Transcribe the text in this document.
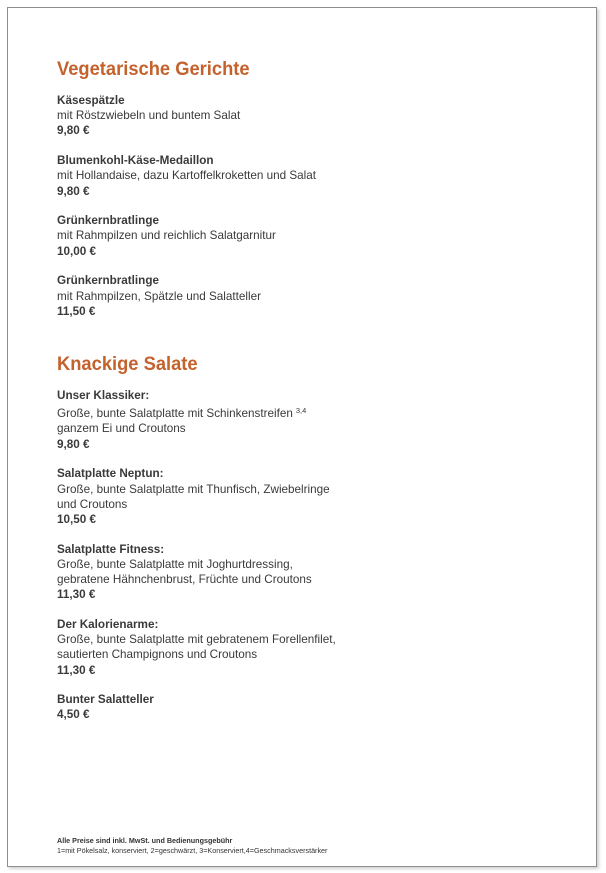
Vegetarische Gerichte
Käsespätzle
mit Röstzwiebeln und buntem Salat
9,80 €
Blumenkohl-Käse-Medaillon
mit Hollandaise, dazu Kartoffelkroketten und Salat
9,80 €
Grünkernbratlinge
mit Rahmpilzen und reichlich Salatgarnitur
10,00 €
Grünkernbratlinge
mit Rahmpilzen, Spätzle und Salatteller
11,50 €
Knackige Salate
Unser Klassiker:
Große, bunte Salatplatte mit Schinkenstreifen $^{3,4}$
ganzem Ei und Croutons
9,80 €
Salatplatte Neptun:
Große, bunte Salatplatte mit Thunfisch, Zwiebelringe
und Croutons
10,50 €
Salatplatte Fitness:
Große, bunte Salatplatte mit Joghurtdressing,
gebratene Hähnchenbrust, Früchte und Croutons
11,30 €
Der Kalorienarme:
Große, bunte Salatplatte mit gebratenem Forellenfilet,
sautierten Champignons und Croutons
11,30 €
Bunter Salatteller
4,50 €
Alle Preise sind inkl. MwSt. und Bedienungsgebühr
1=mit Pökelsalz, konserviert, 2=geschwärzt, 3=Konserviert,4=Geschmacksverstärker
